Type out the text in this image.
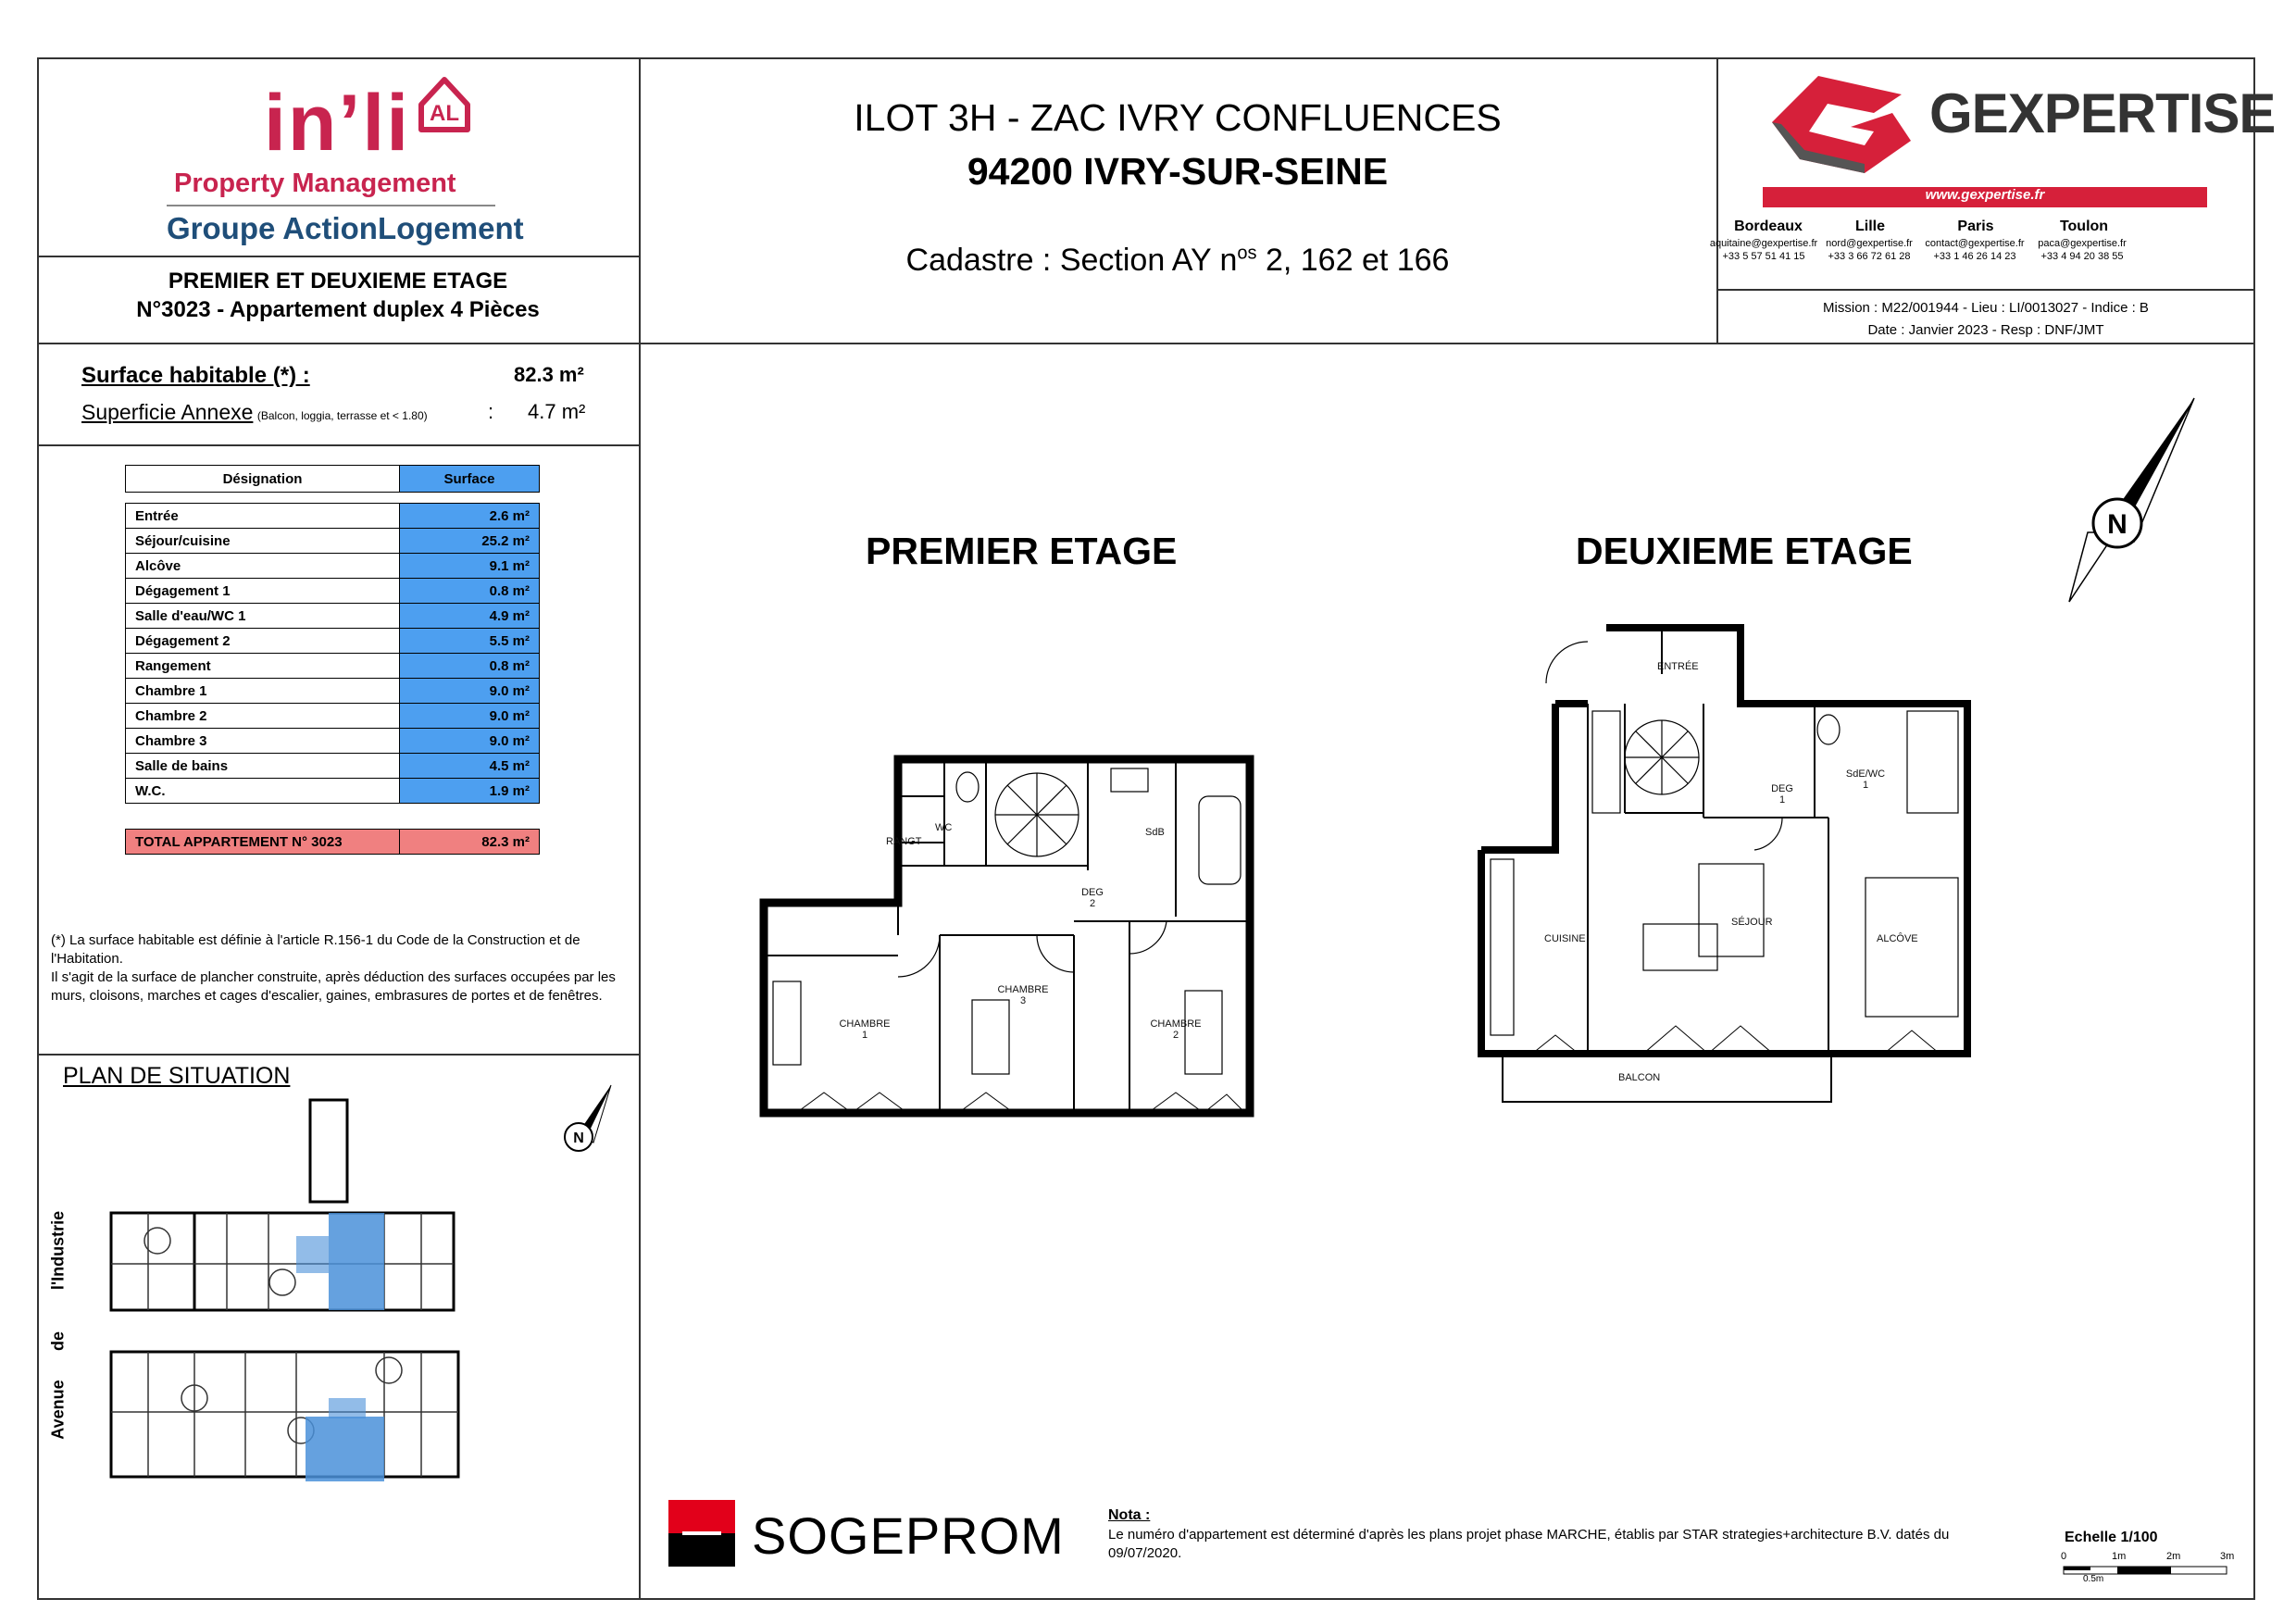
in’li AL
Property Management
Groupe ActionLogement
PREMIER ET DEUXIEME ETAGE
N°3023 - Appartement duplex 4 Pièces
ILOT 3H - ZAC IVRY CONFLUENCES
94200 IVRY-SUR-SEINE
Cadastre : Section AY $n^{os}$ 2, 162 et 166
GEXPERTISE
www.gexpertise.fr
Bordeaux	Lille	Paris	Toulon
aquitaine@gexpertise.fr nord@gexpertise.fr	contact@gexpertise.fr	paca@gexpertise.fr
+33 5 57 51 41 15	+33 3 66 72 61 28	+33 1 46 26 14 23	+33 4 94 20 38 55
Mission : M22/001944 - Lieu : LI/0013027 - Indice : B
Date : Janvier 2023 - Resp : DNF/JMT
Surface habitable (*) :	82.3 m²
Superficie Annexe (Balcon, loggia, terrasse et < 1.80)	: 4.7 m²
Désignation	Surface
Entrée	2.6 m²
Séjour/cuisine	25.2 m²
Alcôve	9.1 m²
Dégagement 1	0.8 m²
Salle d'eau/WC 1	4.9 m²
Dégagement 2	5.5 m²
Rangement	0.8 m²
Chambre 1	9.0 m²
Chambre 2	9.0 m²
Chambre 3	9.0 m²
Salle de bains	4.5 m²
W.C.	1.9 m²
TOTAL APPARTEMENT N° 3023	82.3 m²
(*) La surface habitable est définie à l'article R.156-1 du Code de la Construction et de l'Habitation.
Il s'agit de la surface de plancher construite, après déduction des surfaces occupées par les murs, cloisons, marches et cages d'escalier, gaines, embrasures de portes et de fenêtres.
PLAN DE SITUATION
l'Industrie
de
Avenue
N
PREMIER ETAGE	DEUXIEME ETAGE
N
WC
RANGT
SdB
DEG
2
CHAMBRE
3
CHAMBRE
1
CHAMBRE
2
ENTRÉE
DEG
1
SdE/WC
1
CUISINE
SÉJOUR
ALCÔVE
BALCON
SOGEPROM	Nota :
Le numéro d'appartement est déterminé d'après les plans projet phase MARCHE, établis par STAR strategies+architecture B.V. datés du 09/07/2020.
Echelle 1/100
0	1m	2m	3m
0.5m
